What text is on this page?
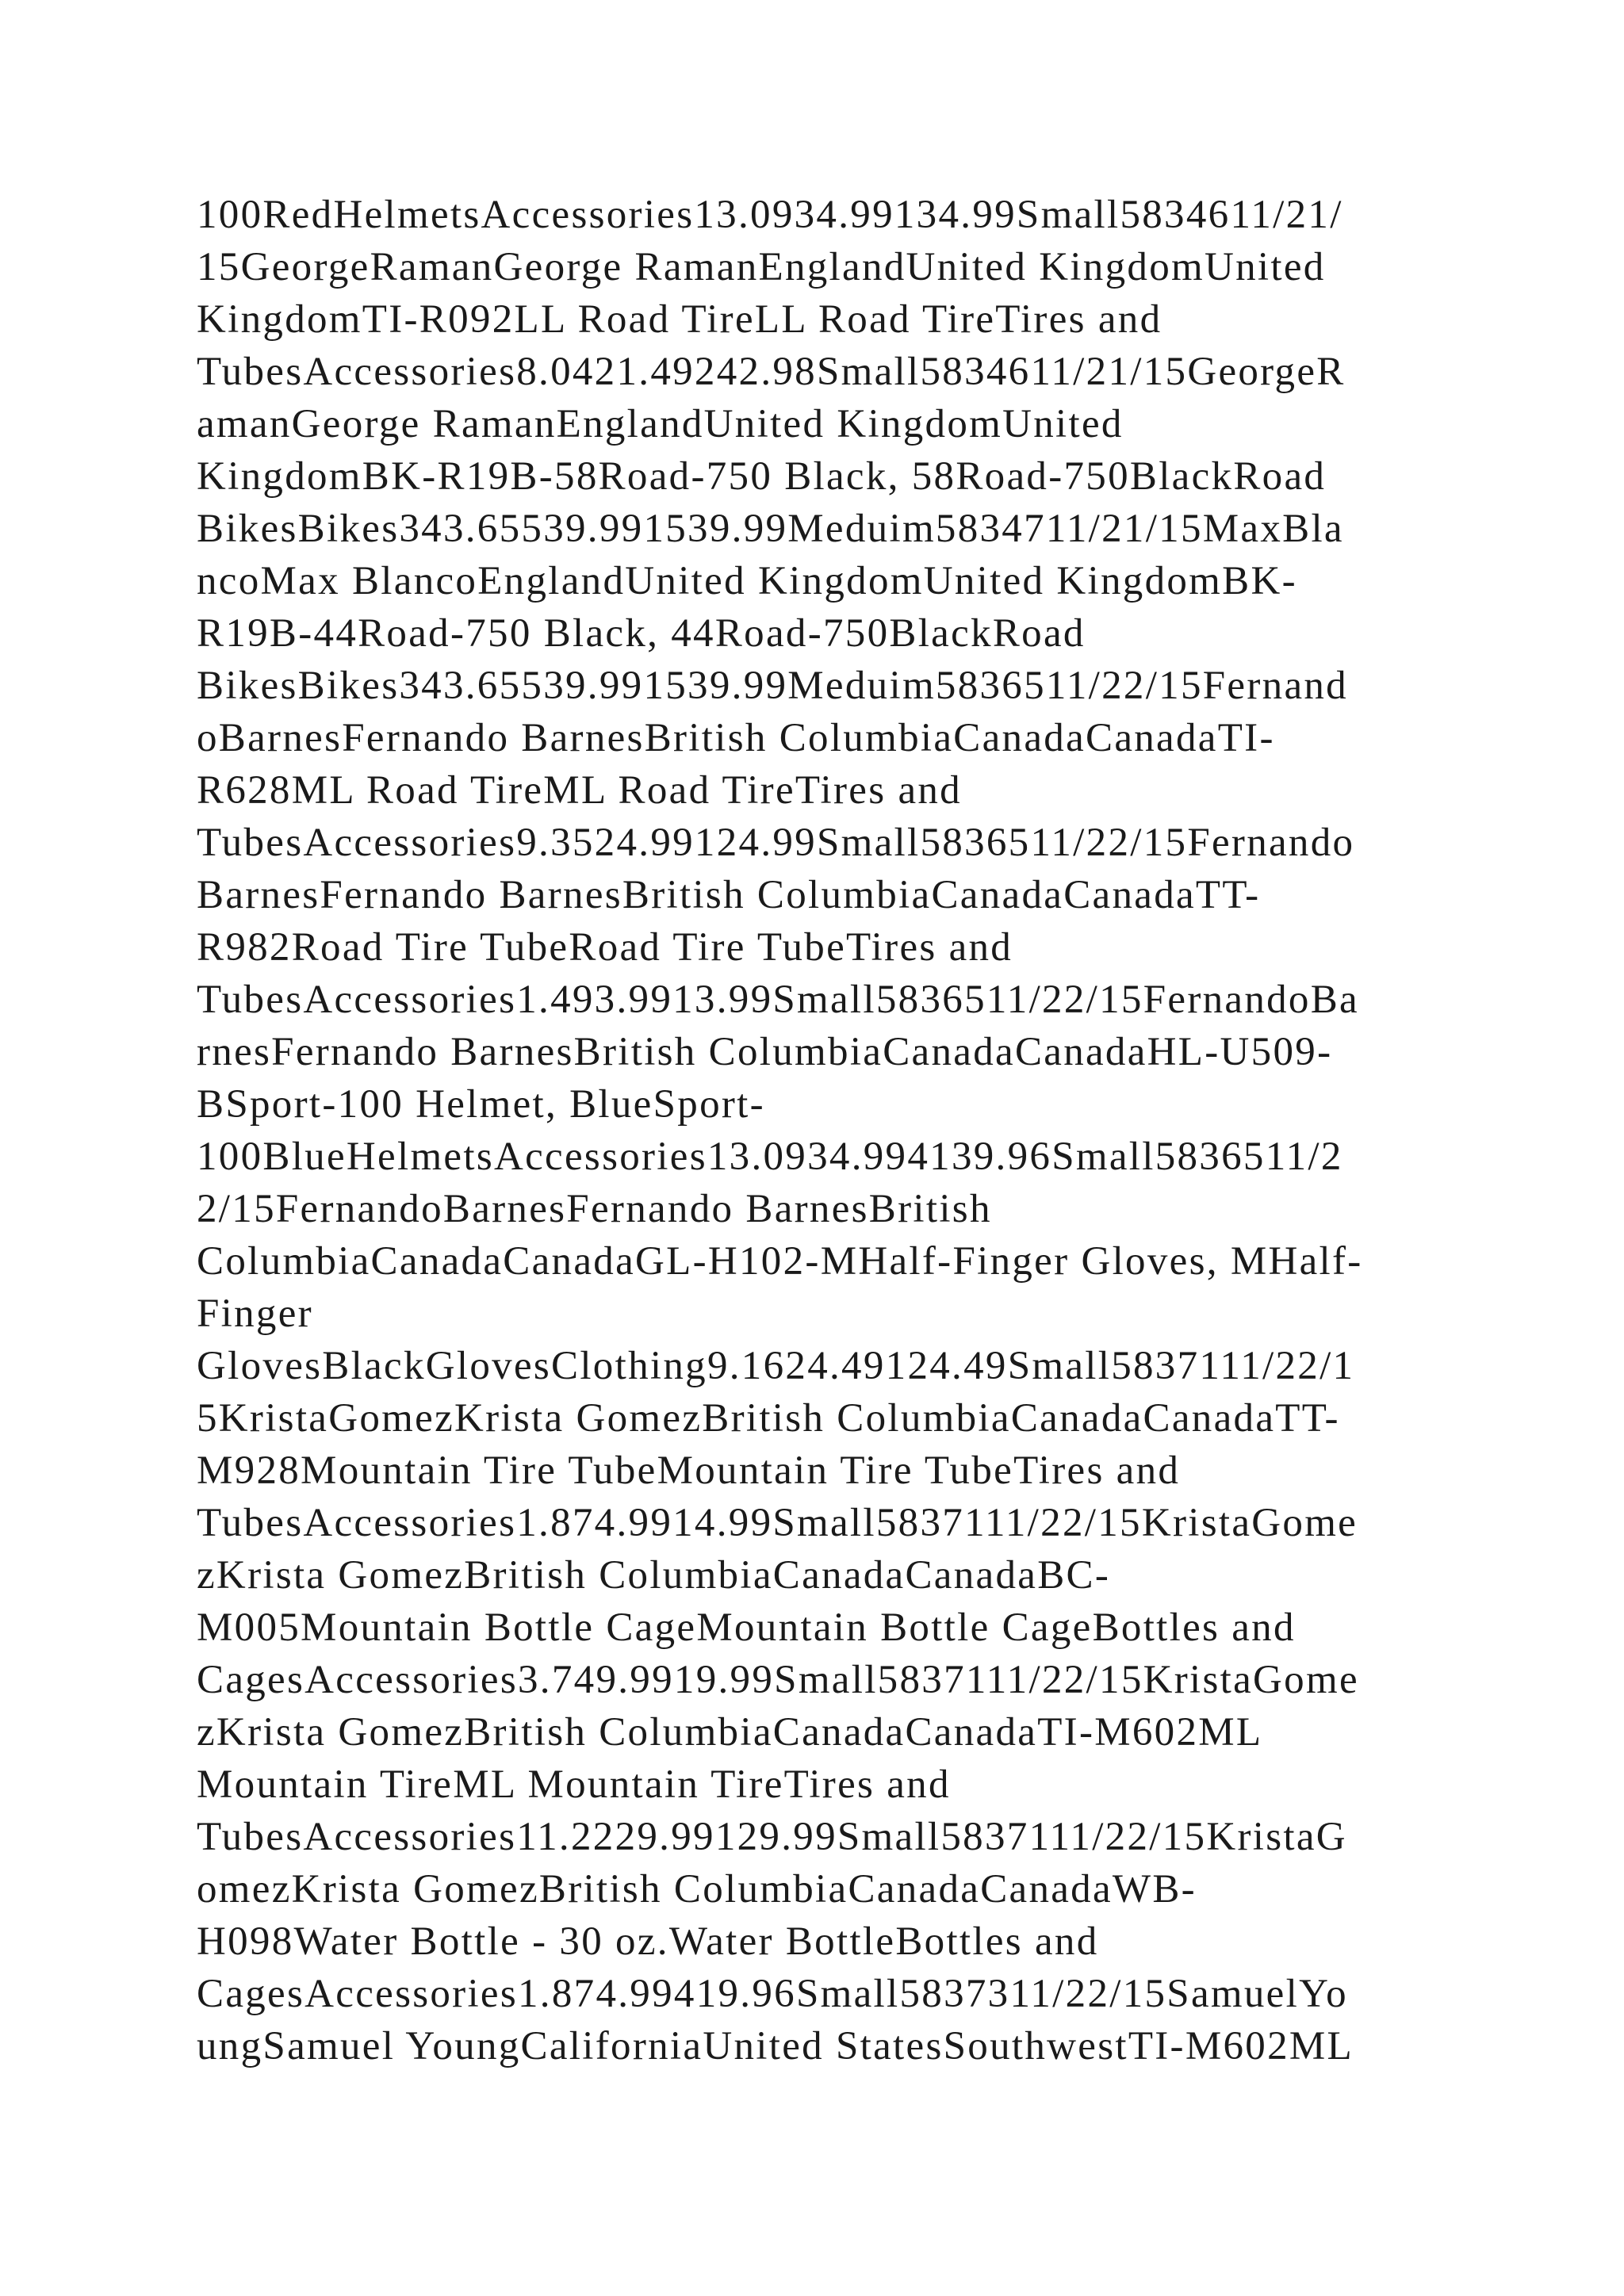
100RedHelmetsAccessories13.0934.99134.99Small5834611/21/
15GeorgeRamanGeorge RamanEnglandUnited KingdomUnited
KingdomTI-R092LL Road TireLL Road TireTires and
TubesAccessories8.0421.49242.98Small5834611/21/15GeorgeR
amanGeorge RamanEnglandUnited KingdomUnited
KingdomBK-R19B-58Road-750 Black, 58Road-750BlackRoad
BikesBikes343.65539.991539.99Meduim5834711/21/15MaxBla
ncoMax BlancoEnglandUnited KingdomUnited KingdomBK-
R19B-44Road-750 Black, 44Road-750BlackRoad
BikesBikes343.65539.991539.99Meduim5836511/22/15Fernand
oBarnesFernando BarnesBritish ColumbiaCanadaCanadaTI-
R628ML Road TireML Road TireTires and
TubesAccessories9.3524.99124.99Small5836511/22/15Fernando
BarnesFernando BarnesBritish ColumbiaCanadaCanadaTT-
R982Road Tire TubeRoad Tire TubeTires and
TubesAccessories1.493.9913.99Small5836511/22/15FernandoBa
rnesFernando BarnesBritish ColumbiaCanadaCanadaHL-U509-
BSport-100 Helmet, BlueSport-
100BlueHelmetsAccessories13.0934.994139.96Small5836511/2
2/15FernandoBarnesFernando BarnesBritish
ColumbiaCanadaCanadaGL-H102-MHalf-Finger Gloves, MHalf-
Finger
GlovesBlackGlovesClothing9.1624.49124.49Small5837111/22/1
5KristaGomezKrista GomezBritish ColumbiaCanadaCanadaTT-
M928Mountain Tire TubeMountain Tire TubeTires and
TubesAccessories1.874.9914.99Small5837111/22/15KristaGome
zKrista GomezBritish ColumbiaCanadaCanadaBC-
M005Mountain Bottle CageMountain Bottle CageBottles and
CagesAccessories3.749.9919.99Small5837111/22/15KristaGome
zKrista GomezBritish ColumbiaCanadaCanadaTI-M602ML
Mountain TireML Mountain TireTires and
TubesAccessories11.2229.99129.99Small5837111/22/15KristaG
omezKrista GomezBritish ColumbiaCanadaCanadaWB-
H098Water Bottle - 30 oz.Water BottleBottles and
CagesAccessories1.874.99419.96Small5837311/22/15SamuelYo
ungSamuel YoungCaliforniaUnited StatesSouthwestTI-M602ML
